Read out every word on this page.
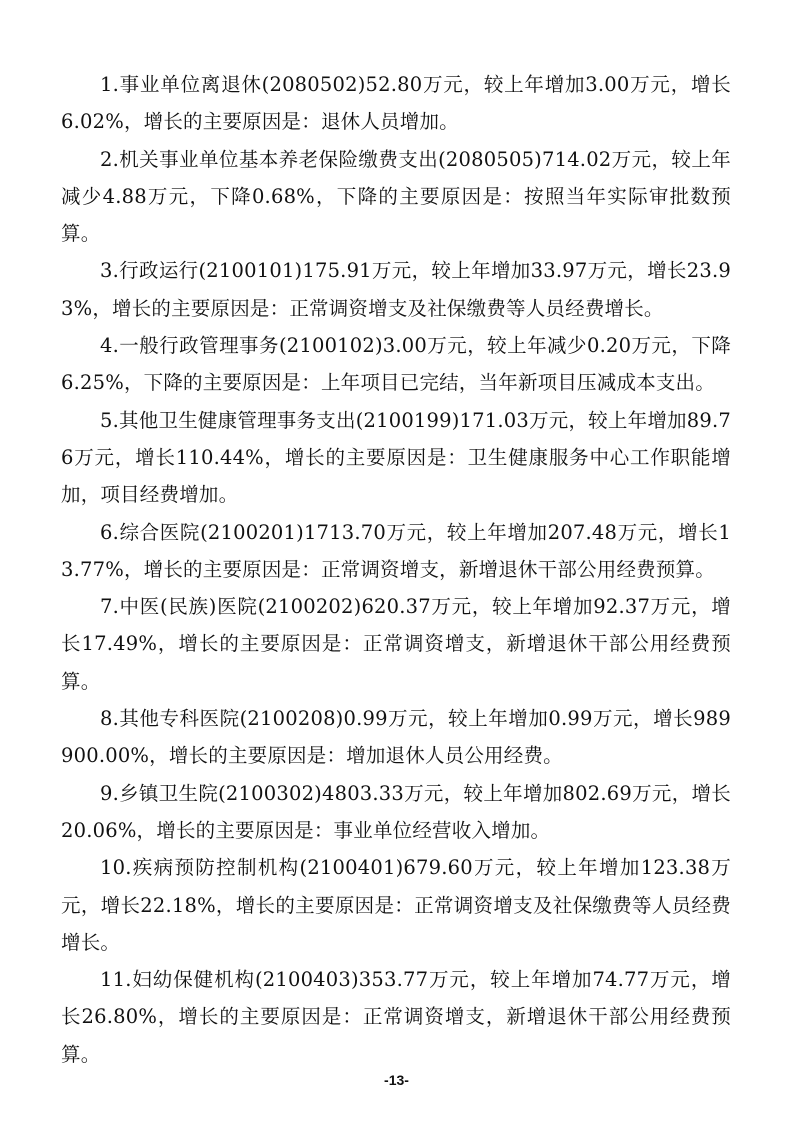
1.事业单位离退休(2080502)52.80万元，较上年增加3.00万元，增长6.02%，增长的主要原因是：退休人员增加。

2.机关事业单位基本养老保险缴费支出(2080505)714.02万元，较上年减少4.88万元，下降0.68%，下降的主要原因是：按照当年实际审批数预算。

3.行政运行(2100101)175.91万元，较上年增加33.97万元，增长23.93%，增长的主要原因是：正常调资增支及社保缴费等人员经费增长。

4.一般行政管理事务(2100102)3.00万元，较上年减少0.20万元，下降6.25%，下降的主要原因是：上年项目已完结，当年新项目压减成本支出。

5.其他卫生健康管理事务支出(2100199)171.03万元，较上年增加89.76万元，增长110.44%，增长的主要原因是：卫生健康服务中心工作职能增加，项目经费增加。

6.综合医院(2100201)1713.70万元，较上年增加207.48万元，增长13.77%，增长的主要原因是：正常调资增支，新增退休干部公用经费预算。

7.中医(民族)医院(2100202)620.37万元，较上年增加92.37万元，增长17.49%，增长的主要原因是：正常调资增支，新增退休干部公用经费预算。

8.其他专科医院(2100208)0.99万元，较上年增加0.99万元，增长989900.00%，增长的主要原因是：增加退休人员公用经费。

9.乡镇卫生院(2100302)4803.33万元，较上年增加802.69万元，增长20.06%，增长的主要原因是：事业单位经营收入增加。

10.疾病预防控制机构(2100401)679.60万元，较上年增加123.38万元，增长22.18%，增长的主要原因是：正常调资增支及社保缴费等人员经费增长。

11.妇幼保健机构(2100403)353.77万元，较上年增加74.77万元，增长26.80%，增长的主要原因是：正常调资增支，新增退休干部公用经费预算。

-13-
